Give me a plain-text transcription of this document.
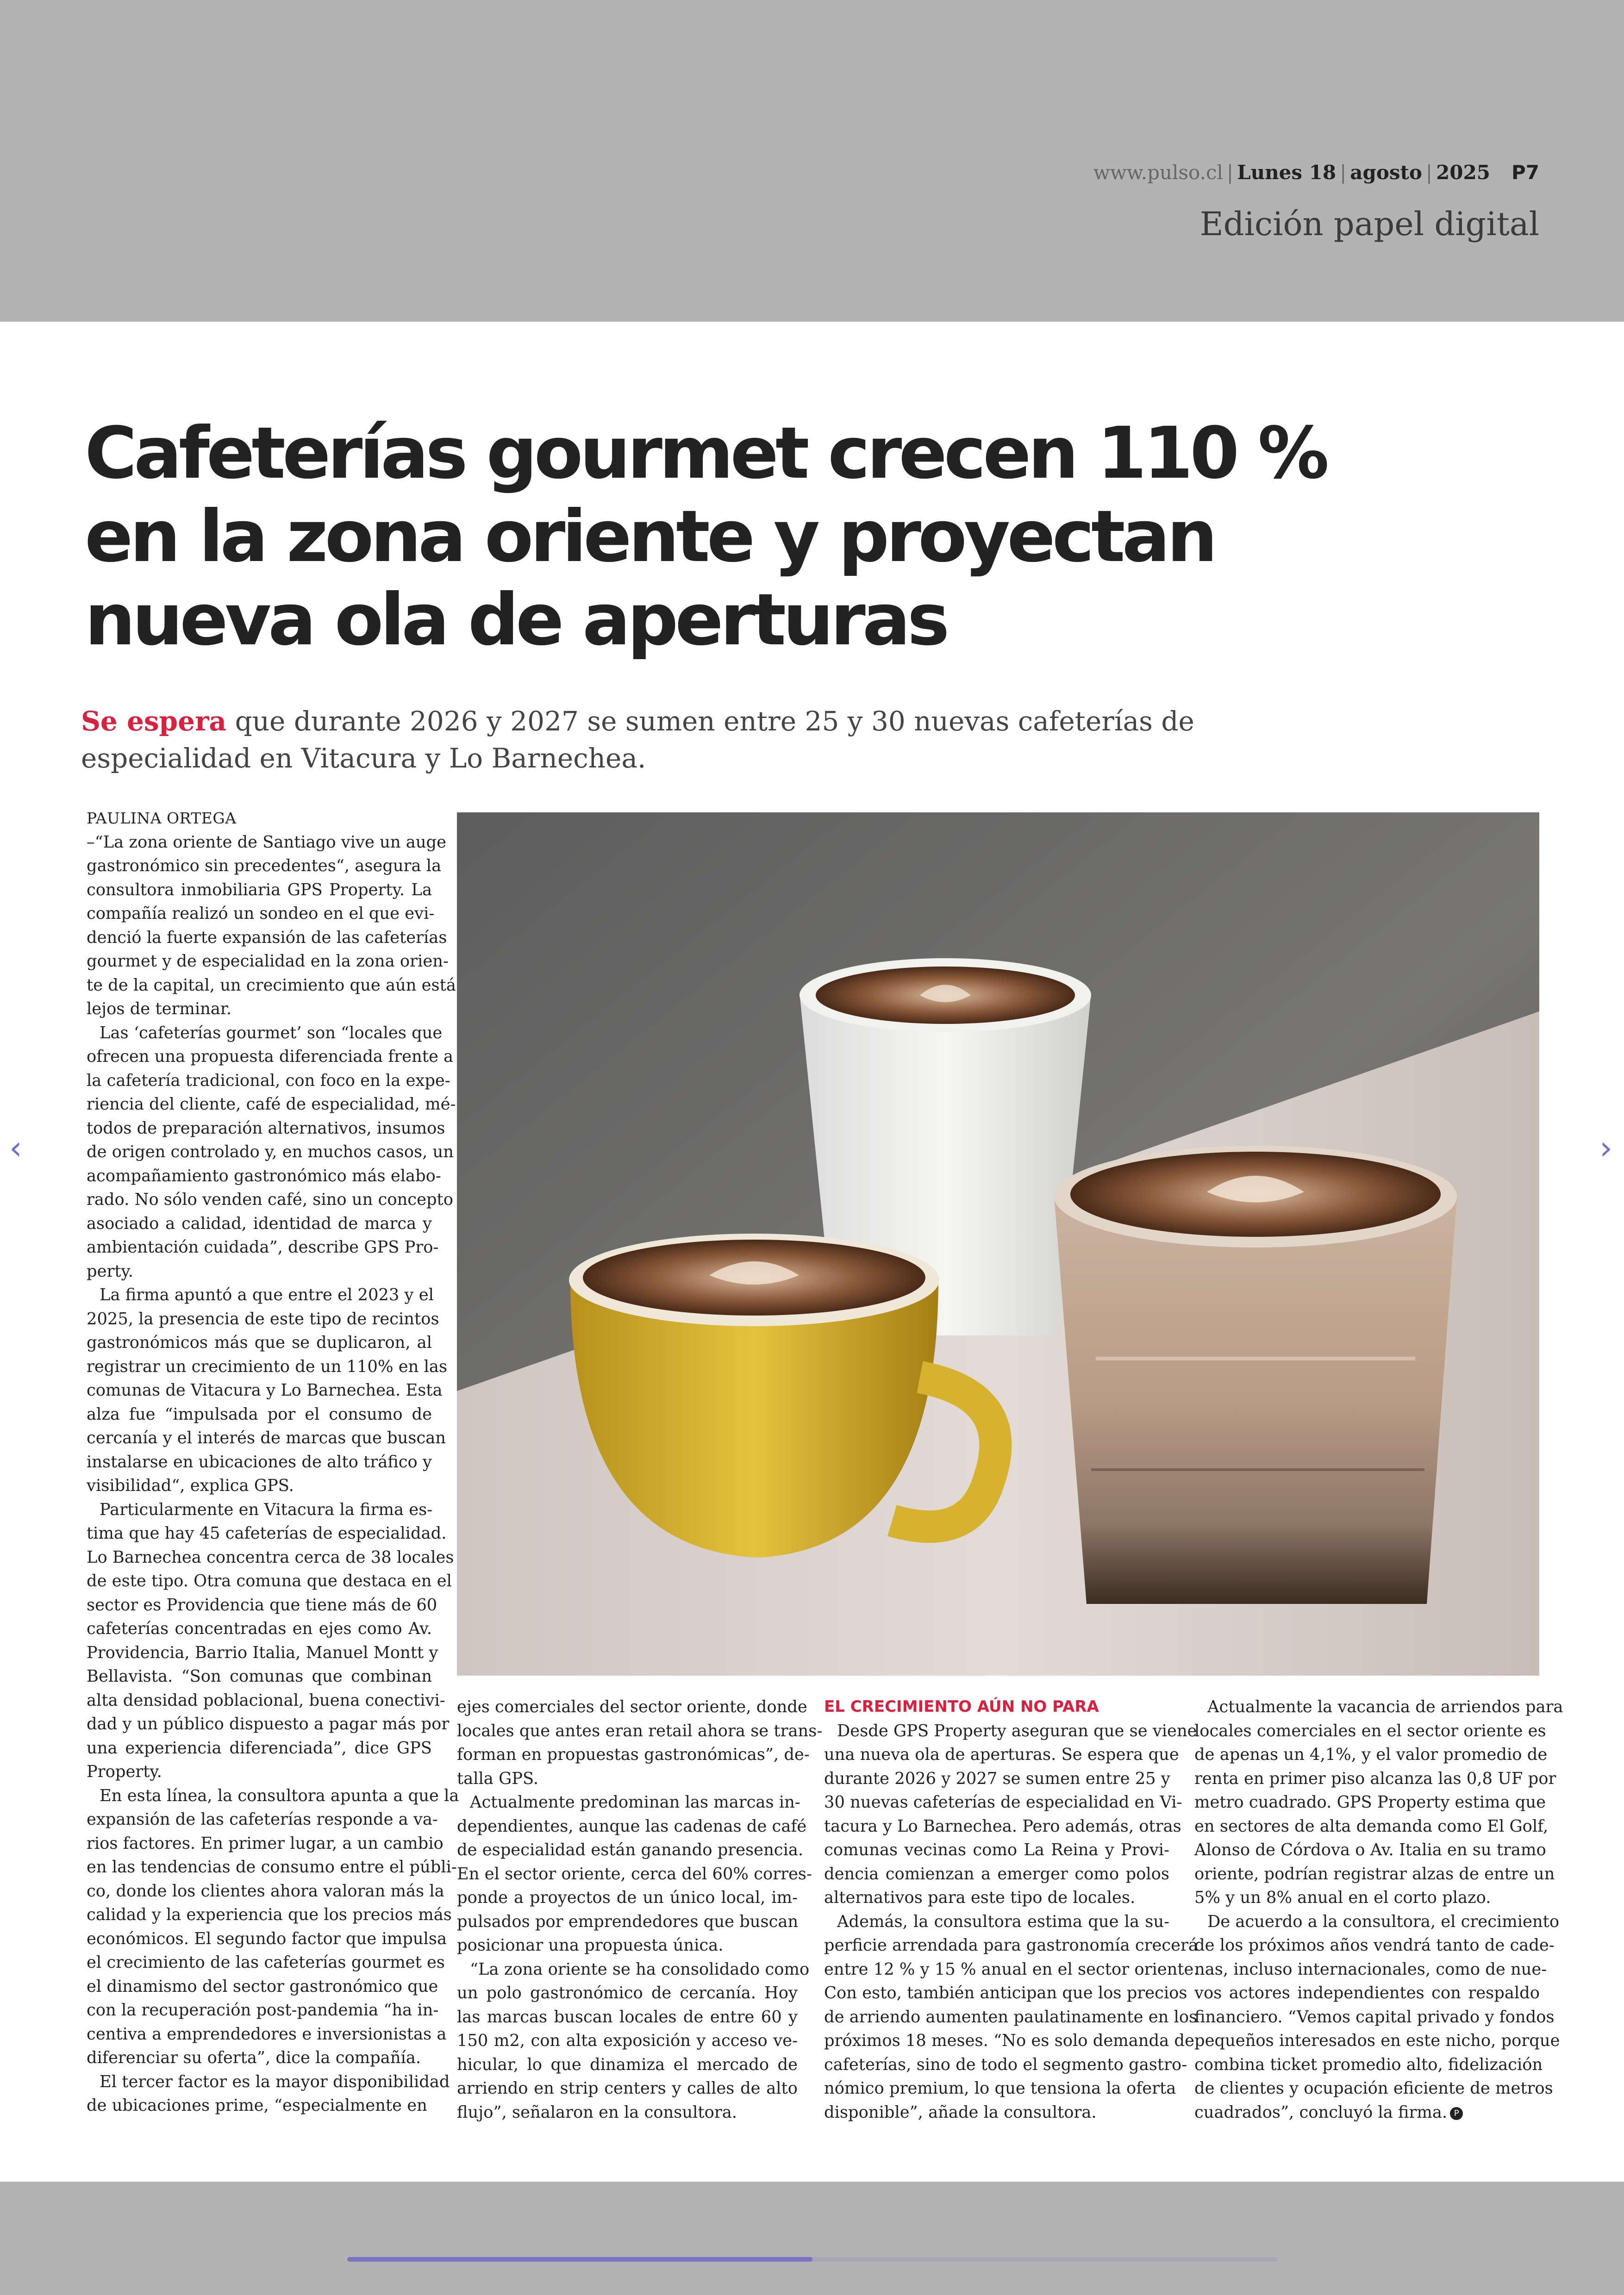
www.pulso.cl | Lunes 18 | agosto | 2025 P7
Edición papel digital
Cafeterías gourmet crecen 110 %
en la zona oriente y proyectan
nueva ola de aperturas

Se espera que durante 2026 y 2027 se sumen entre 25 y 30 nuevas cafeterías de
especialidad en Vitacura y Lo Barnechea.

‹	›
PAULINA ORTEGA
–“La zona oriente de Santiago vive un auge
gastronómico sin precedentes“, asegura la
consultora inmobiliaria GPS Property. La
compañía realizó un sondeo en el que evi-
denció la fuerte expansión de las cafeterías
gourmet y de especialidad en la zona orien-
te de la capital, un crecimiento que aún está
lejos de terminar.
Las ‘cafeterías gourmet’ son “locales que
ofrecen una propuesta diferenciada frente a
la cafetería tradicional, con foco en la expe-
riencia del cliente, café de especialidad, mé-
todos de preparación alternativos, insumos
de origen controlado y, en muchos casos, un
acompañamiento gastronómico más elabo-
rado. No sólo venden café, sino un concepto
asociado a calidad, identidad de marca y
ambientación cuidada”, describe GPS Pro-
perty.
La firma apuntó a que entre el 2023 y el
2025, la presencia de este tipo de recintos
gastronómicos más que se duplicaron, al
registrar un crecimiento de un 110% en las
comunas de Vitacura y Lo Barnechea. Esta
alza fue “impulsada por el consumo de
cercanía y el interés de marcas que buscan
instalarse en ubicaciones de alto tráfico y
visibilidad“, explica GPS.
Particularmente en Vitacura la firma es-
tima que hay 45 cafeterías de especialidad.
Lo Barnechea concentra cerca de 38 locales
de este tipo. Otra comuna que destaca en el
sector es Providencia que tiene más de 60
cafeterías concentradas en ejes como Av.
Providencia, Barrio Italia, Manuel Montt y
Bellavista. “Son comunas que combinan
alta densidad poblacional, buena conectivi-
dad y un público dispuesto a pagar más por
una experiencia diferenciada”, dice GPS
Property.
En esta línea, la consultora apunta a que la
expansión de las cafeterías responde a va-
rios factores. En primer lugar, a un cambio
en las tendencias de consumo entre el públi-
co, donde los clientes ahora valoran más la
calidad y la experiencia que los precios más
económicos. El segundo factor que impulsa
el crecimiento de las cafeterías gourmet es
el dinamismo del sector gastronómico que
con la recuperación post-pandemia “ha in-
centiva a emprendedores e inversionistas a
diferenciar su oferta”, dice la compañía.
El tercer factor es la mayor disponibilidad
de ubicaciones prime, “especialmente en
ejes comerciales del sector oriente, donde
locales que antes eran retail ahora se trans-
forman en propuestas gastronómicas”, de-
talla GPS.
Actualmente predominan las marcas in-
dependientes, aunque las cadenas de café
de especialidad están ganando presencia.
En el sector oriente, cerca del 60% corres-
ponde a proyectos de un único local, im-
pulsados por emprendedores que buscan
posicionar una propuesta única.
“La zona oriente se ha consolidado como
un polo gastronómico de cercanía. Hoy
las marcas buscan locales de entre 60 y
150 m2, con alta exposición y acceso ve-
hicular, lo que dinamiza el mercado de
arriendo en strip centers y calles de alto
flujo”, señalaron en la consultora.
EL CRECIMIENTO AÚN NO PARA
Desde GPS Property aseguran que se viene
una nueva ola de aperturas. Se espera que
durante 2026 y 2027 se sumen entre 25 y
30 nuevas cafeterías de especialidad en Vi-
tacura y Lo Barnechea. Pero además, otras
comunas vecinas como La Reina y Provi-
dencia comienzan a emerger como polos
alternativos para este tipo de locales.
Además, la consultora estima que la su-
perficie arrendada para gastronomía crecerá
entre 12 % y 15 % anual en el sector oriente.
Con esto, también anticipan que los precios
de arriendo aumenten paulatinamente en los
próximos 18 meses. “No es solo demanda de
cafeterías, sino de todo el segmento gastro-
nómico premium, lo que tensiona la oferta
disponible”, añade la consultora.
Actualmente la vacancia de arriendos para
locales comerciales en el sector oriente es
de apenas un 4,1%, y el valor promedio de
renta en primer piso alcanza las 0,8 UF por
metro cuadrado. GPS Property estima que
en sectores de alta demanda como El Golf,
Alonso de Córdova o Av. Italia en su tramo
oriente, podrían registrar alzas de entre un
5% y un 8% anual en el corto plazo.
De acuerdo a la consultora, el crecimiento
de los próximos años vendrá tanto de cade-
nas, incluso internacionales, como de nue-
vos actores independientes con respaldo
financiero. “Vemos capital privado y fondos
pequeños interesados en este nicho, porque
combina ticket promedio alto, fidelización
de clientes y ocupación eficiente de metros
cuadrados”, concluyó la firma. P
